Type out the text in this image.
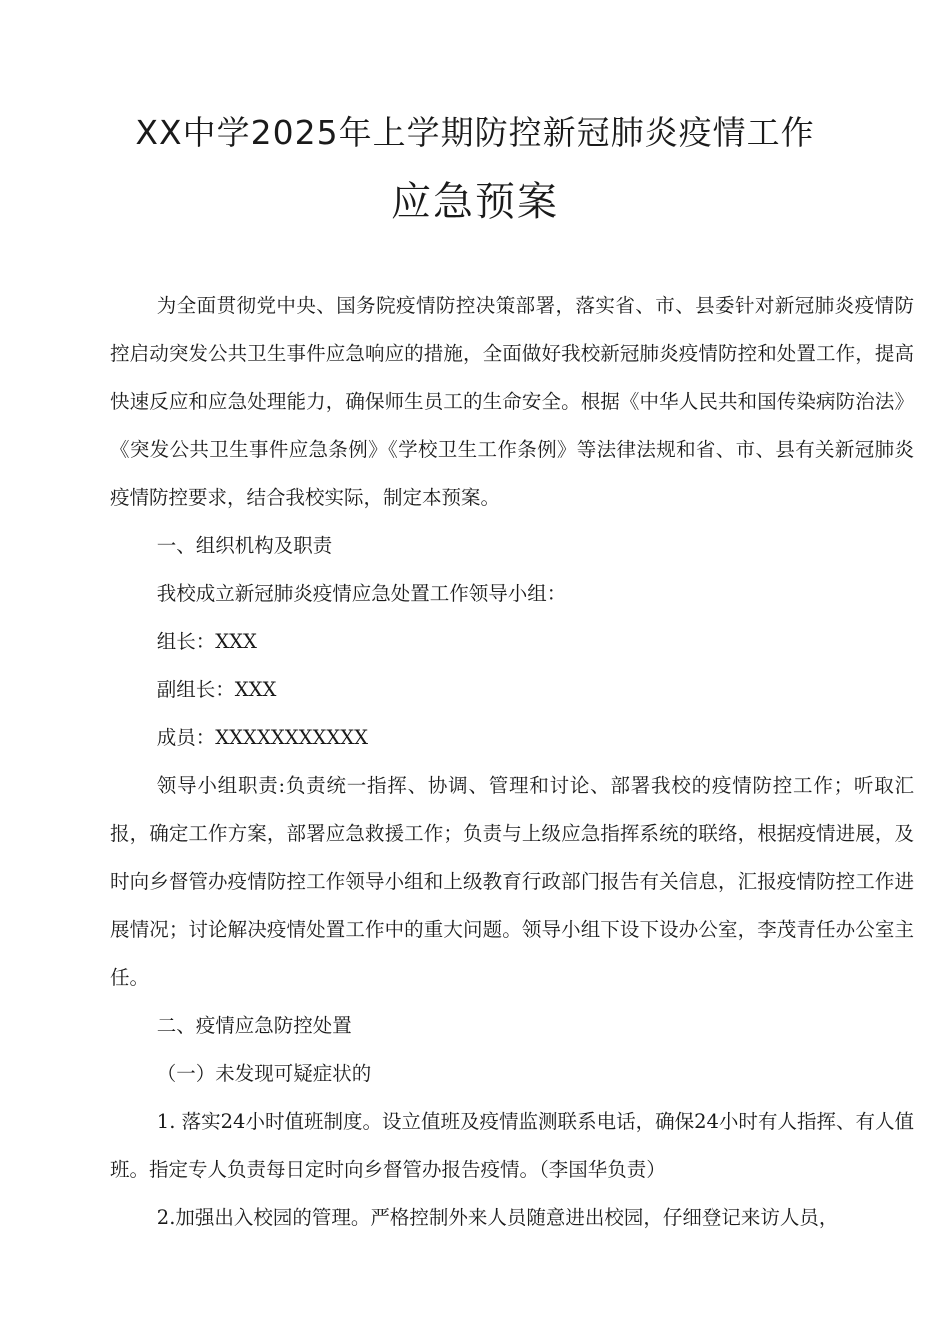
XX中学2025年上学期防控新冠肺炎疫情工作
应急预案

为全面贯彻党中央、国务院疫情防控决策部署，落实省、市、县委针对新冠肺炎疫情防控启动突发公共卫生事件应急响应的措施，全面做好我校新冠肺炎疫情防控和处置工作，提高快速反应和应急处理能力，确保师生员工的生命安全。根据《中华人民共和国传染病防治法》《突发公共卫生事件应急条例》《学校卫生工作条例》等法律法规和省、市、县有关新冠肺炎疫情防控要求，结合我校实际，制定本预案。

一、组织机构及职责

我校成立新冠肺炎疫情应急处置工作领导小组：

组长：XXX

副组长：XXX

成员：XXXXXXXXXXX

领导小组职责:负责统一指挥、协调、管理和讨论、部署我校的疫情防控工作；听取汇报，确定工作方案，部署应急救援工作；负责与上级应急指挥系统的联络，根据疫情进展，及时向乡督管办疫情防控工作领导小组和上级教育行政部门报告有关信息，汇报疫情防控工作进展情况；讨论解决疫情处置工作中的重大问题。领导小组下设下设办公室，李茂青任办公室主任。

二、疫情应急防控处置

（一）未发现可疑症状的

1. 落实24小时值班制度。设立值班及疫情监测联系电话，确保24小时有人指挥、有人值班。指定专人负责每日定时向乡督管办报告疫情。（李国华负责）

2.加强出入校园的管理。严格控制外来人员随意进出校园，仔细登记来访人员，
